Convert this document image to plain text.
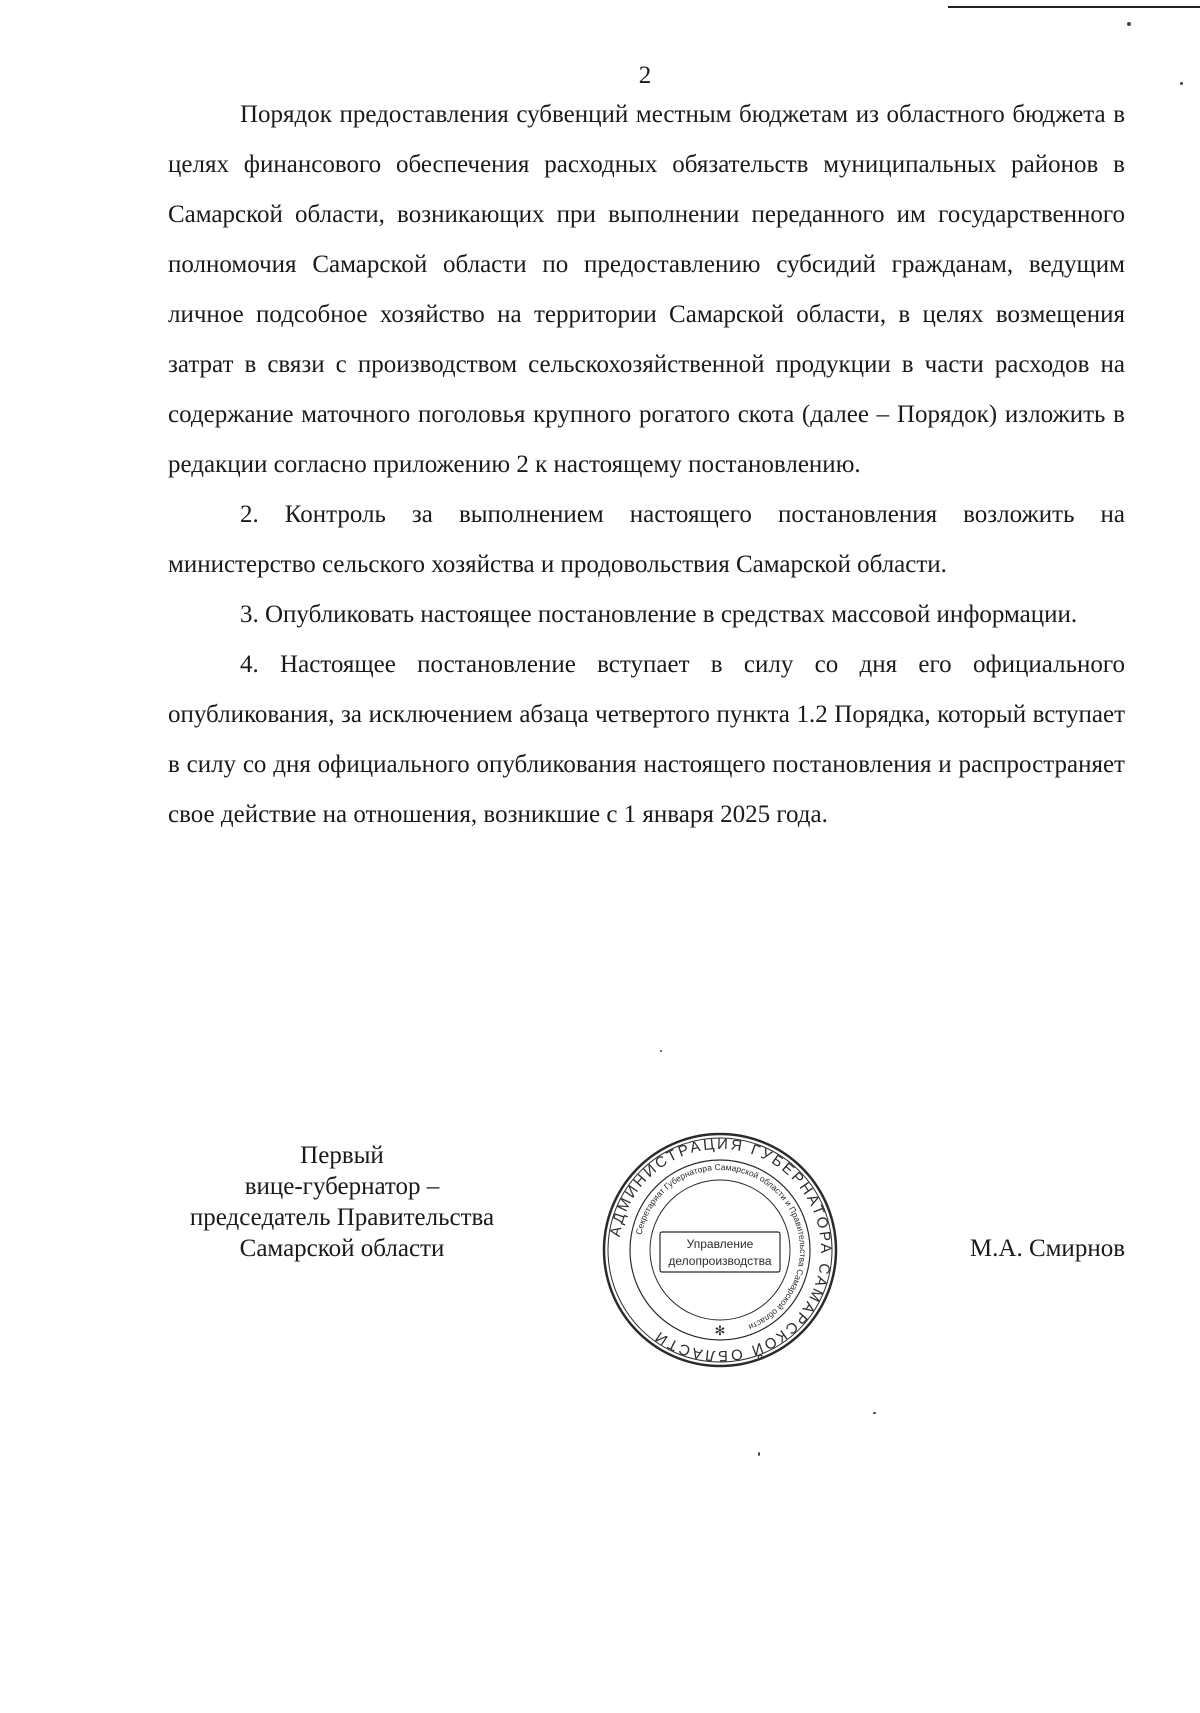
2

Порядок предоставления субвенций местным бюджетам из областного бюджета в целях финансового обеспечения расходных обязательств муниципальных районов в Самарской области, возникающих при выполнении переданного им государственного полномочия Самарской области по предоставлению субсидий гражданам, ведущим личное подсобное хозяйство на территории Самарской области, в целях возмещения затрат в связи с производством сельскохозяйственной продукции в части расходов на содержание маточного поголовья крупного рогатого скота (далее – Порядок) изложить в редакции согласно приложению 2 к настоящему постановлению.

2. Контроль за выполнением настоящего постановления возложить на министерство сельского хозяйства и продовольствия Самарской области.

3. Опубликовать настоящее постановление в средствах массовой информации.

4. Настоящее постановление вступает в силу со дня его официального опубликования, за исключением абзаца четвертого пункта 1.2 Порядка, который вступает в силу со дня официального опубликования настоящего постановления и распространяет свое действие на отношения, возникшие с 1 января 2025 года.

Первый
вице-губернатор –
председатель Правительства
Самарской области
АДМИНИСТРАЦИЯ ГУБЕРНАТОРА САМАРСКОЙ ОБЛАСТИ
Секретариат Губернатора Самарской области и Правительства Самарской области
Управление
делопроизводства
✻
М.А. Смирнов
